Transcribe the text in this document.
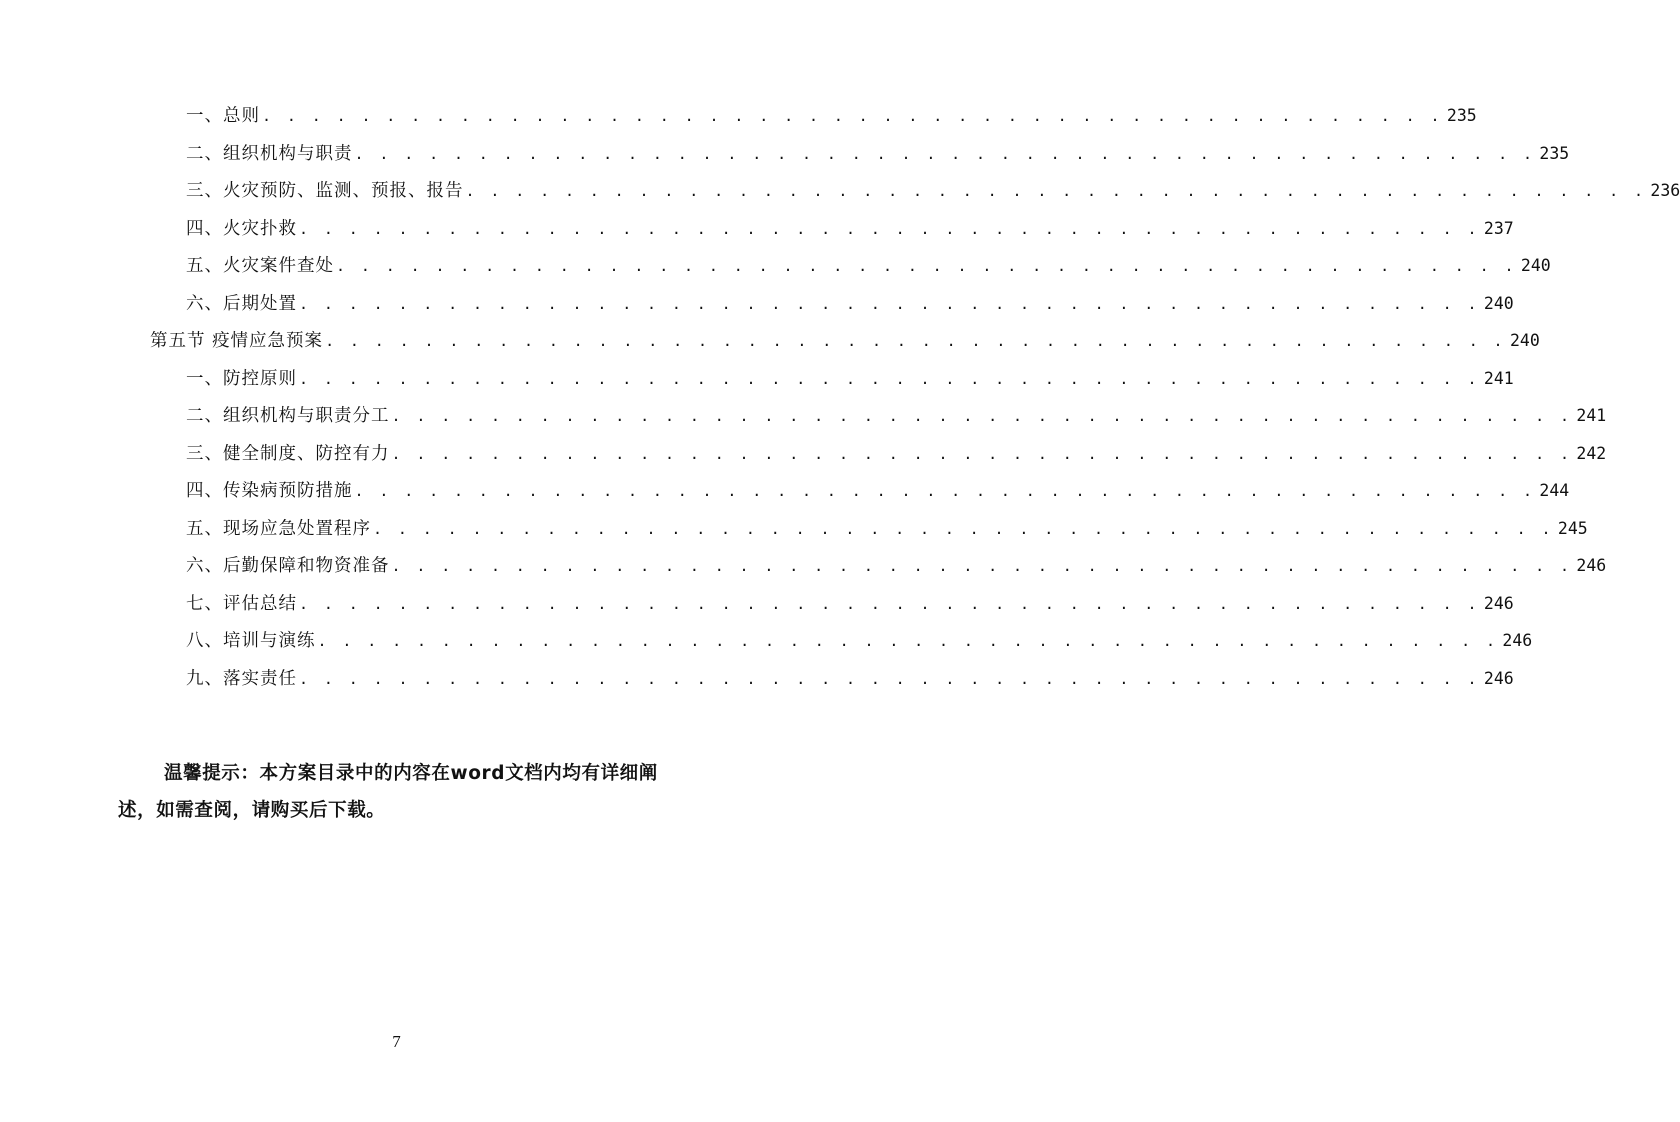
一、总则 . . . . . . . . . . . . . . . . . . . . . . . . . . . . . . . . . . . . . . . . . . . . . . . . 235
二、组织机构与职责 . . . . . . . . . . . . . . . . . . . . . . . . . . . . . . . . . . . . . . . . . . . . . . . . 235
三、火灾预防、监测、预报、报告 . . . . . . . . . . . . . . . . . . . . . . . . . . . . . . . . . . . . . . . . . . . . . . . . 236
四、火灾扑救 . . . . . . . . . . . . . . . . . . . . . . . . . . . . . . . . . . . . . . . . . . . . . . . . 237
五、火灾案件查处 . . . . . . . . . . . . . . . . . . . . . . . . . . . . . . . . . . . . . . . . . . . . . . . . 240
六、后期处置 . . . . . . . . . . . . . . . . . . . . . . . . . . . . . . . . . . . . . . . . . . . . . . . . 240
第五节 疫情应急预案 . . . . . . . . . . . . . . . . . . . . . . . . . . . . . . . . . . . . . . . . . . . . . . . . 240
一、防控原则 . . . . . . . . . . . . . . . . . . . . . . . . . . . . . . . . . . . . . . . . . . . . . . . . 241
二、组织机构与职责分工 . . . . . . . . . . . . . . . . . . . . . . . . . . . . . . . . . . . . . . . . . . . . . . . . 241
三、健全制度、防控有力 . . . . . . . . . . . . . . . . . . . . . . . . . . . . . . . . . . . . . . . . . . . . . . . . 242
四、传染病预防措施 . . . . . . . . . . . . . . . . . . . . . . . . . . . . . . . . . . . . . . . . . . . . . . . . 244
五、现场应急处置程序 . . . . . . . . . . . . . . . . . . . . . . . . . . . . . . . . . . . . . . . . . . . . . . . . 245
六、后勤保障和物资准备 . . . . . . . . . . . . . . . . . . . . . . . . . . . . . . . . . . . . . . . . . . . . . . . . 246
七、评估总结 . . . . . . . . . . . . . . . . . . . . . . . . . . . . . . . . . . . . . . . . . . . . . . . . 246
八、培训与演练 . . . . . . . . . . . . . . . . . . . . . . . . . . . . . . . . . . . . . . . . . . . . . . . . 246
九、落实责任 . . . . . . . . . . . . . . . . . . . . . . . . . . . . . . . . . . . . . . . . . . . . . . . . 246

温馨提示：本方案目录中的内容在word文档内均有详细阐述，如需查阅，请购买后下载。

7
